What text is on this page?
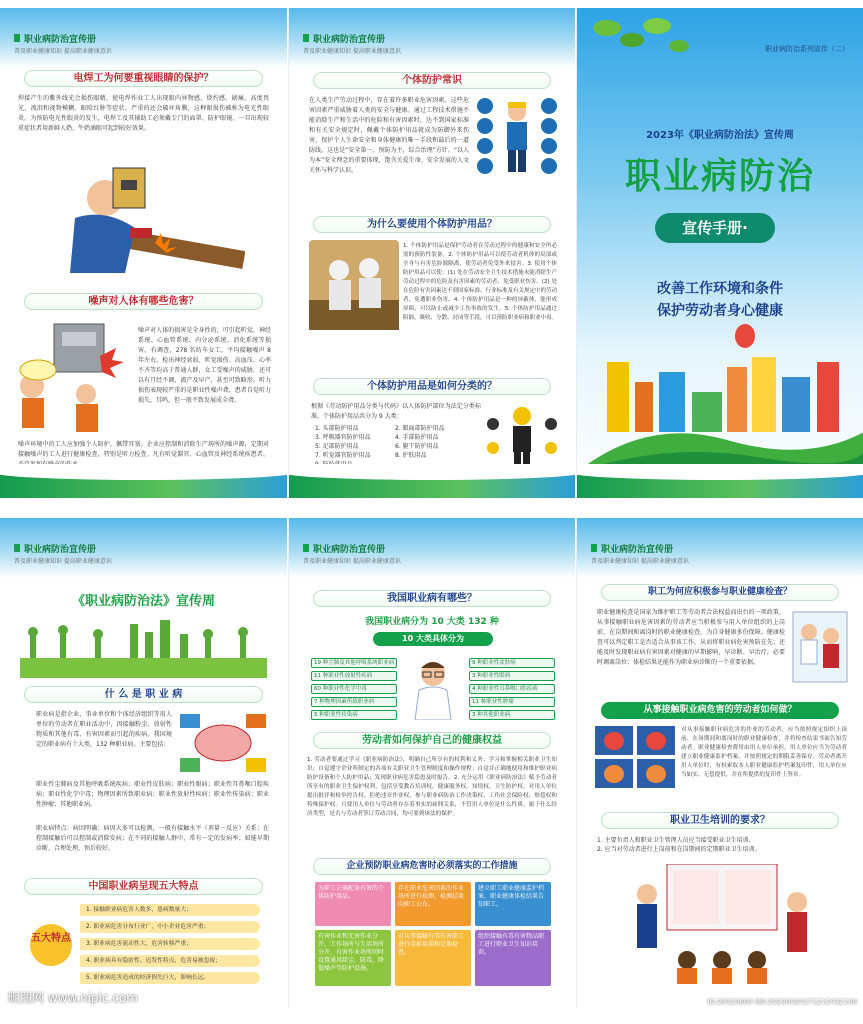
职业病防治宣传册
普及职业健康知识 提高职业健康意识
电焊工为何要重视眼睛的保护？
焊接产生的紫外线光会损伤眼睛，使电焊作业工人出现眼内异物感、烧灼感、剧痛、高度畏光、流泪和视物模糊、眼睑红肿等症状，严重的还会破坏角膜，这种眼损伤被称为电光性眼炎。为预防电光性眼炎的发生，电焊工及其辅助工必须戴专门的面罩、防护眼镜。一旦出现较重症状者用新鲜人奶、牛奶滴眼可起到较好效果。
噪声对人体有哪些危害？
噪声对人体的损害是全身性的，可引起听觉、神经系统、心血管系统、内分泌系统、消化系统等损害。有调查，278 名纺车女工，平均接触噪声 8 年左右，检出神经衰弱、听觉损伤、高血压、心率不齐等均高于普通人群，女工受噪声的威胁，还可以有月经不调、流产及早产，甚至可致畸形。听力损伤表现较严重的是职业性噪声聋，患者自觉听力损失、耳鸣，但一般不致发展成全聋。
噪声环境中的工人应加强个人防护，佩带耳塞。企业应控制和消除生产场所的噪声源，定期对接触噪声的工人进行健康检查，特别是听力检查。凡有听觉器官、心血管及神经系统疾患者，
职业病防治宣传册
普及职业健康知识 提高职业健康意识
个体防护常识
在人类生产劳动过程中，存在着许多职业危害因素。这些危害因素严重威胁着人类的安全与健康。通过工程技术措施不能消除生产和生活中的危险和有害因素时，达不到国家标准和有关安全规定时，佩戴个体防护用品就成为防御外来伤害、保护个人生命安全和身体健康的唯一手段和最后的一道防线。这也是“安全第一，预防为主，综合治理”方针。“以人为本”安全理念的重要体现，饱含关爱生命、安全发展的人文关怀与科学认识。
为什么要使用个体防护用品？
1. 个体防护用品是保护劳动者在劳动过程中的健康和安全所必需的预防性装备。2. 个体防护用品可以使劳动者机体的局部或全身与有害危险源隔离，使劳动者免受外来侵害。3. 使用个体防护用品可以使：(1) 处在劳动安全卫生技术措施未能消除生产劳动过程中的危险及有害因素的劳动者，免受职业伤害。(2) 处在危险有害因素达不到国家标准、行业标准及有关规定中的劳动者，免遭职业伤害。4. 个体防护用品是一种的屏蔽体，能形成屏障，可以防止或减少工伤事故的发生。5. 个体防护用品通过阻隔、吸收、分散、封闭等手段，可以预防职业病和职业中毒。
个体防护用品是如何分类的？
根据《劳动防护用品分类与代码》以人体防护部位为法定分类标准，个体防护用品共分为 9 大类：
1. 头部防护用品	2. 眼面部防护用品
3. 呼吸器官防护用品	4. 手部防护用品
5. 足部防护用品	6. 躯干防护用品
7. 听觉器官防护用品	8. 护肤用品
职业病防治系列宣传（二）
2023年《职业病防治法》宣传周
职业病防治
宣传手册·
改善工作环境和条件
保护劳动者身心健康
职业病防治宣传册
普及职业健康知识 提高职业健康意识
《职业病防治法》宣传周
什 么 是 职 业 病
职业病是指企业、事业单位和个体经济组织等用人单位的劳动者在职业活动中，因接触粉尘、放射性物质和其他有毒、有害因素而引起的疾病。我国规定的职业病有十大类，132 种职业病。主要包括：
职业性尘肺病及其他呼吸系统疾病；职业性皮肤病；职业性眼病；职业性耳鼻喉口腔疾病；职业性化学中毒；物理因素所致职业病；职业性放射性疾病；职业性传染病；职业性肿瘤；其他职业病。
职业病特点：病因明确；病因大多可以检测，一般有接触水平（剂量－反应）关系；在控制接触后可以控制或消除发病；在不同的接触人群中，常有一定的发病率；如能早期诊断，合理处理，预后较好。
中国职业病呈现五大特点
五大特点
1. 接触职业病危害人数多，患病数量大；
2. 职业病危害分布行业广，中小企业危害严重；
3. 职业病危害流动性大、危害转移严重；
4. 职业病具有隐匿性、迟发性特点，危害易被忽视；
5. 职业病危害造成的经济损失巨大，影响长远。
昵图网 www.nipic.com
职业病防治宣传册
普及职业健康知识 提高职业健康意识
我国职业病有哪些？
我国职业病分为 10 大类 132 种
10 大类具体分为
19 种尘肺及其他呼吸系统职业病
11 种职业性放射性疾病
60 种职业性化学中毒
7 种物理因素所致职业病
5 种职业性传染病
9 种职业性皮肤病
3 种职业性眼病
4 种职业性耳鼻喉口腔疾病
11 种职业性肿瘤
3 种其他职业病
劳动者如何保护自己的健康权益
1. 劳动者要通过学习《职业病防治法》，明确自己所享有的权利和义务；学习和掌握相关职业卫生知识；自觉遵守企业所制定的各项有关职业卫生管理制度和操作规程；自觉并正确地使用和维护职业病防护设备和个人防护用品；发现职业病危害隐患及时报告。2. 充分运用《职业病防治法》赋予劳动者所享有的职业卫生保护权利，包括享受教育培训权、健康服务权、知情权、卫生防护权、对用人单位提出批评和检举控告权、拒绝违章作业权、参与职业病防治工作决策权、工伤社会保险权、赔偿权和特殊保护权。只要用人单位与劳动者存在着事实的雇佣关系，不管用人单位是什么性质、属于什么经济类型，是否与劳动者签订劳动合同，均可要到该法的保护。
企业预防职业病危害时必须落实的工作措施
为职工正确配备有效的个体防护用品。
存在职业危害因素的作业场所进行检测，检测结果向职工公布。
建立职工职业健康监护档案，职业健康体检结果告知职工。
有害作业和无害作业分开，工作场所与生活场所分开，有害作业场所同时设置通风除尘、防毒，降低噪声等防护设施。
对从事接触有毒有害职工进行岗前培训和定期检查。
组织接触有毒有害物品职工进行职业卫生知识培训。
职业病防治宣传册
普及职业健康知识 提高职业健康意识
职工为何应积极参与职业健康检查？
职业健康检查是国家为维护职工等劳动者合法权益而出台的一项政策，从事接触职业病危害因素的劳动者应当积极参与用人单位组织的上岗前、在岗期间和离岗时的职业健康检查，为自身健康多份保障。健康检查可以判定职工是否适合从事该工作，从而将职业病危害预防在先；还能及时发现职业病有害因素对健康的早期影响，早诊断、早治疗，必要时调离岗位；体检结果还能作为职业病诊断的一个重要依据。
从事接触职业病危害的劳动者如何做？
对从事接触职业病危害的作业的劳动者，应当按照规定组织上岗前、在岗期间和离岗时的职业健康检查，并将检查结果书面告知劳动者。职业健康检查费用由用人单位承担。用人单位应当为劳动者建立职业健康监护档案，并按照规定的期限妥善保存。劳动者离开用人单位时，有权索取本人职业健康监护档案复印件，用人单位应当如实、无偿提供，并在所提供的复印件上签章。
职业卫生培训的要求？
1. 主要负责人和职业卫生管理人员应当接受职业卫生培训。
2. 应当对劳动者进行上岗前和在岗期间的定期职业卫生培训。
ID:29323660 NO:20230424171212432108
